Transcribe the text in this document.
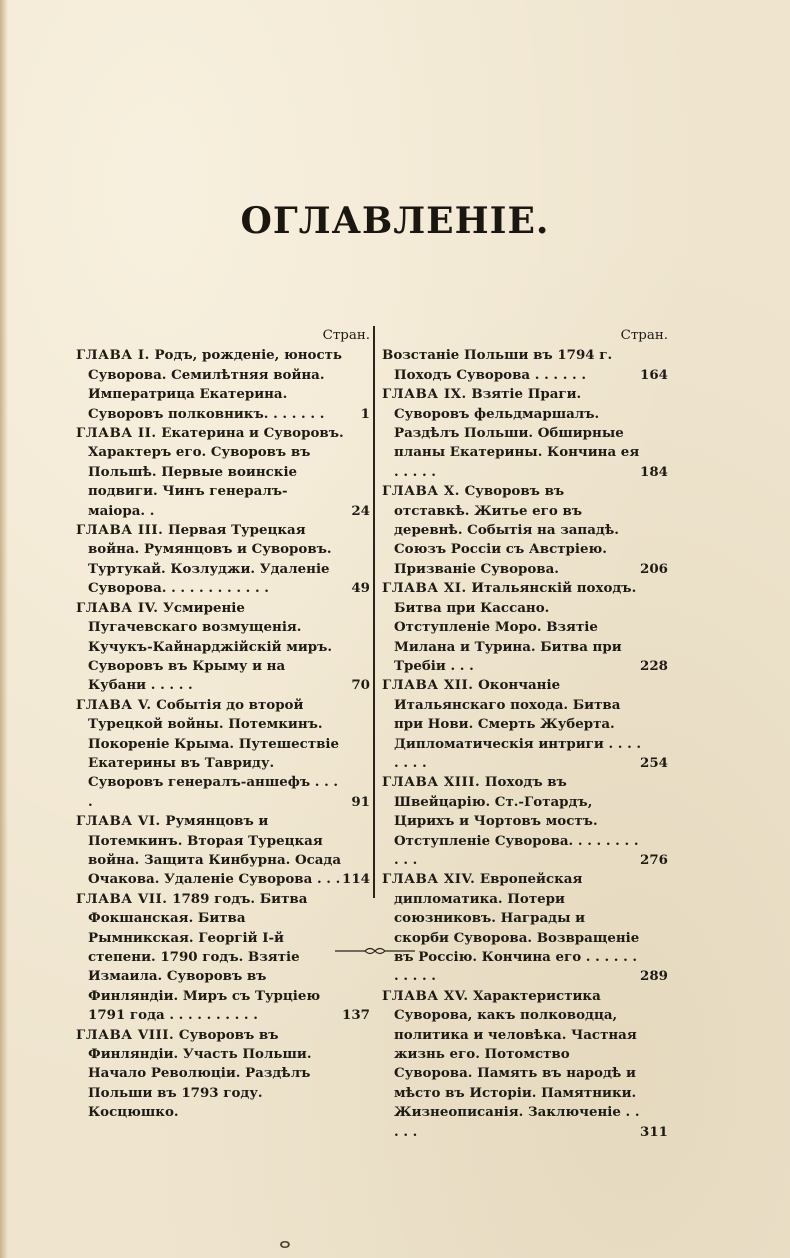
ОГЛАВЛЕНIЕ.
Стран.
ГЛАВА I. Родъ, рожденiе, юность Суворова. Семилѣтняя война. Императрица Екатерина. Суворовъ полковникъ. . . . . . .	1
ГЛАВА II. Екатерина и Суворовъ. Характеръ его. Суворовъ въ Польшѣ. Первые воинскiе подвиги. Чинъ генералъ-маiора. .	24
ГЛАВА III. Первая Турецкая война. Румянцовъ и Суворовъ. Туртукай. Козлуджи. Удаленiе Суворова. . . . . . . . . . . .	49
ГЛАВА IV. Усмиренiе Пугачевскаго возмущенiя. Кучукъ-Кайнарджiйскiй миръ. Суворовъ въ Крыму и на Кубани . . . . .	70
ГЛАВА V. Событiя до второй Турецкой войны. Потемкинъ. Покоренiе Крыма. Путешествiе Екатерины въ Тавриду. Суворовъ генералъ-аншефъ . . . .	91
ГЛАВА VI. Румянцовъ и Потемкинъ. Вторая Турецкая война. Защита Кинбурна. Осада Очакова. Удаленiе Суворова . . . 114
ГЛАВА VII. 1789 годъ. Битва Фокшанская. Битва Рымникская. Георгiй I-й степени. 1790 годъ. Взятiе Измаила. Суворовъ въ Финляндiи. Миръ съ Турцiею 1791 года . . . . . . . . . .	137
ГЛАВА VIII. Суворовъ въ Финляндiи. Участь Польши. Начало Революцiи. Раздѣлъ Польши въ 1793 году. Косцюшко.
Стран.
Возстанiе Польши въ 1794 г. Походъ Суворова . . . . . .	164
ГЛАВА IX. Взятiе Праги. Суворовъ фельдмаршалъ. Раздѣлъ Польши. Обширные планы Екатерины. Кончина ея . . . . .	184
ГЛАВА X. Суворовъ въ отставкѣ. Житье его въ деревнѣ. Событiя на западѣ. Союзъ Россiи съ Австрiею. Призванiе Суворова.	206
ГЛАВА XI. Итальянскiй походъ. Битва при Кассано. Отступленiе Моро. Взятiе Милана и Турина. Битва при Требiи . . .	228
ГЛАВА XII. Окончанiе Итальянскаго похода. Битва при Нови. Смерть Жуберта. Дипломатическiя интриги . . . . . . . .	254
ГЛАВА XIII. Походъ въ Швейцарiю. Ст.-Готардъ, Цирихъ и Чортовъ мостъ. Отступленiе Суворова. . . . . . . . . . .	276
ГЛАВА XIV. Европейская дипломатика. Потери союзниковъ. Награды и скорби Суворова. Возвращенiе въ Россiю. Кончина его . . . . . . . . . . .	289
ГЛАВА XV. Характеристика Суворова, какъ полководца, политика и человѣка. Частная жизнь его. Потомство Суворова. Память въ народѣ и мѣсто въ Исторiи. Памятники. Жизнеописанiя. Заключенiе . . . . .	311
ⴰ
